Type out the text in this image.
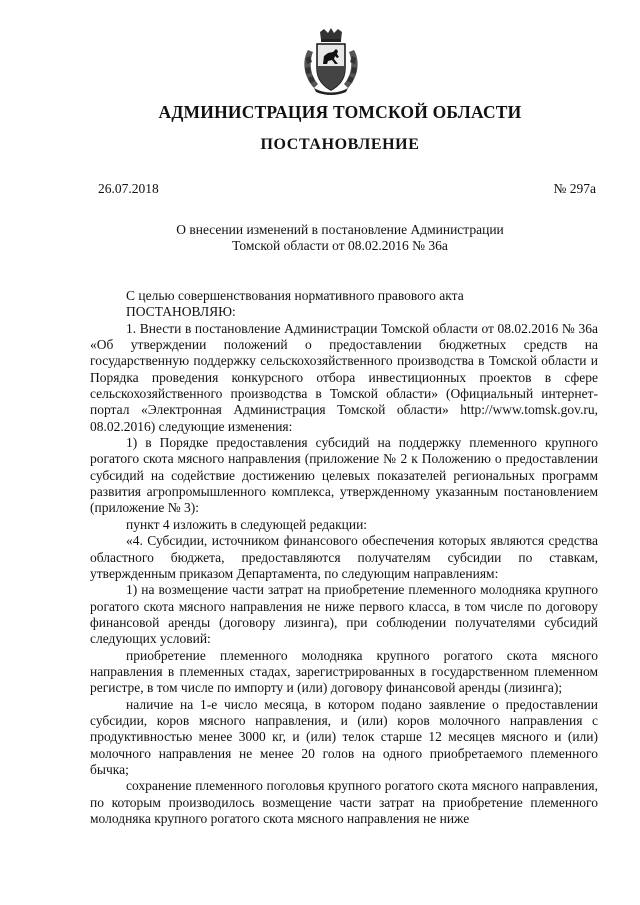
АДМИНИСТРАЦИЯ ТОМСКОЙ ОБЛАСТИ
ПОСТАНОВЛЕНИЕ
26.07.2018	№ 297а
О внесении изменений в постановление Администрации
Томской области от 08.02.2016 № 36а

С целью совершенствования нормативного правового акта

ПОСТАНОВЛЯЮ:

1. Внести в постановление Администрации Томской области от 08.02.2016 № 36а «Об утверждении положений о предоставлении бюджетных средств на государственную поддержку сельскохозяйственного производства в Томской области и Порядка проведения конкурсного отбора инвестиционных проектов в сфере сельскохозяйственного производства в Томской области» (Официальный интернет-портал «Электронная Администрация Томской области» http://www.tomsk.gov.ru, 08.02.2016) следующие изменения:

1) в Порядке предоставления субсидий на поддержку племенного крупного рогатого скота мясного направления (приложение № 2 к Положению о предоставлении субсидий на содействие достижению целевых показателей региональных программ развития агропромышленного комплекса, утвержденному указанным постановлением (приложение № 3):

пункт 4 изложить в следующей редакции:

«4. Субсидии, источником финансового обеспечения которых являются средства областного бюджета, предоставляются получателям субсидии по ставкам, утвержденным приказом Департамента, по следующим направлениям:

1) на возмещение части затрат на приобретение племенного молодняка крупного рогатого скота мясного направления не ниже первого класса, в том числе по договору финансовой аренды (договору лизинга), при соблюдении получателями субсидий следующих условий:

приобретение племенного молодняка крупного рогатого скота мясного направления в племенных стадах, зарегистрированных в государственном племенном регистре, в том числе по импорту и (или) договору финансовой аренды (лизинга);

наличие на 1-е число месяца, в котором подано заявление о предоставлении субсидии, коров мясного направления, и (или) коров молочного направления с продуктивностью менее 3000 кг, и (или) телок старше 12 месяцев мясного и (или) молочного направления не менее 20 голов на одного приобретаемого племенного бычка;

сохранение племенного поголовья крупного рогатого скота мясного направления, по которым производилось возмещение части затрат на приобретение племенного молодняка крупного рогатого скота мясного направления не ниже
